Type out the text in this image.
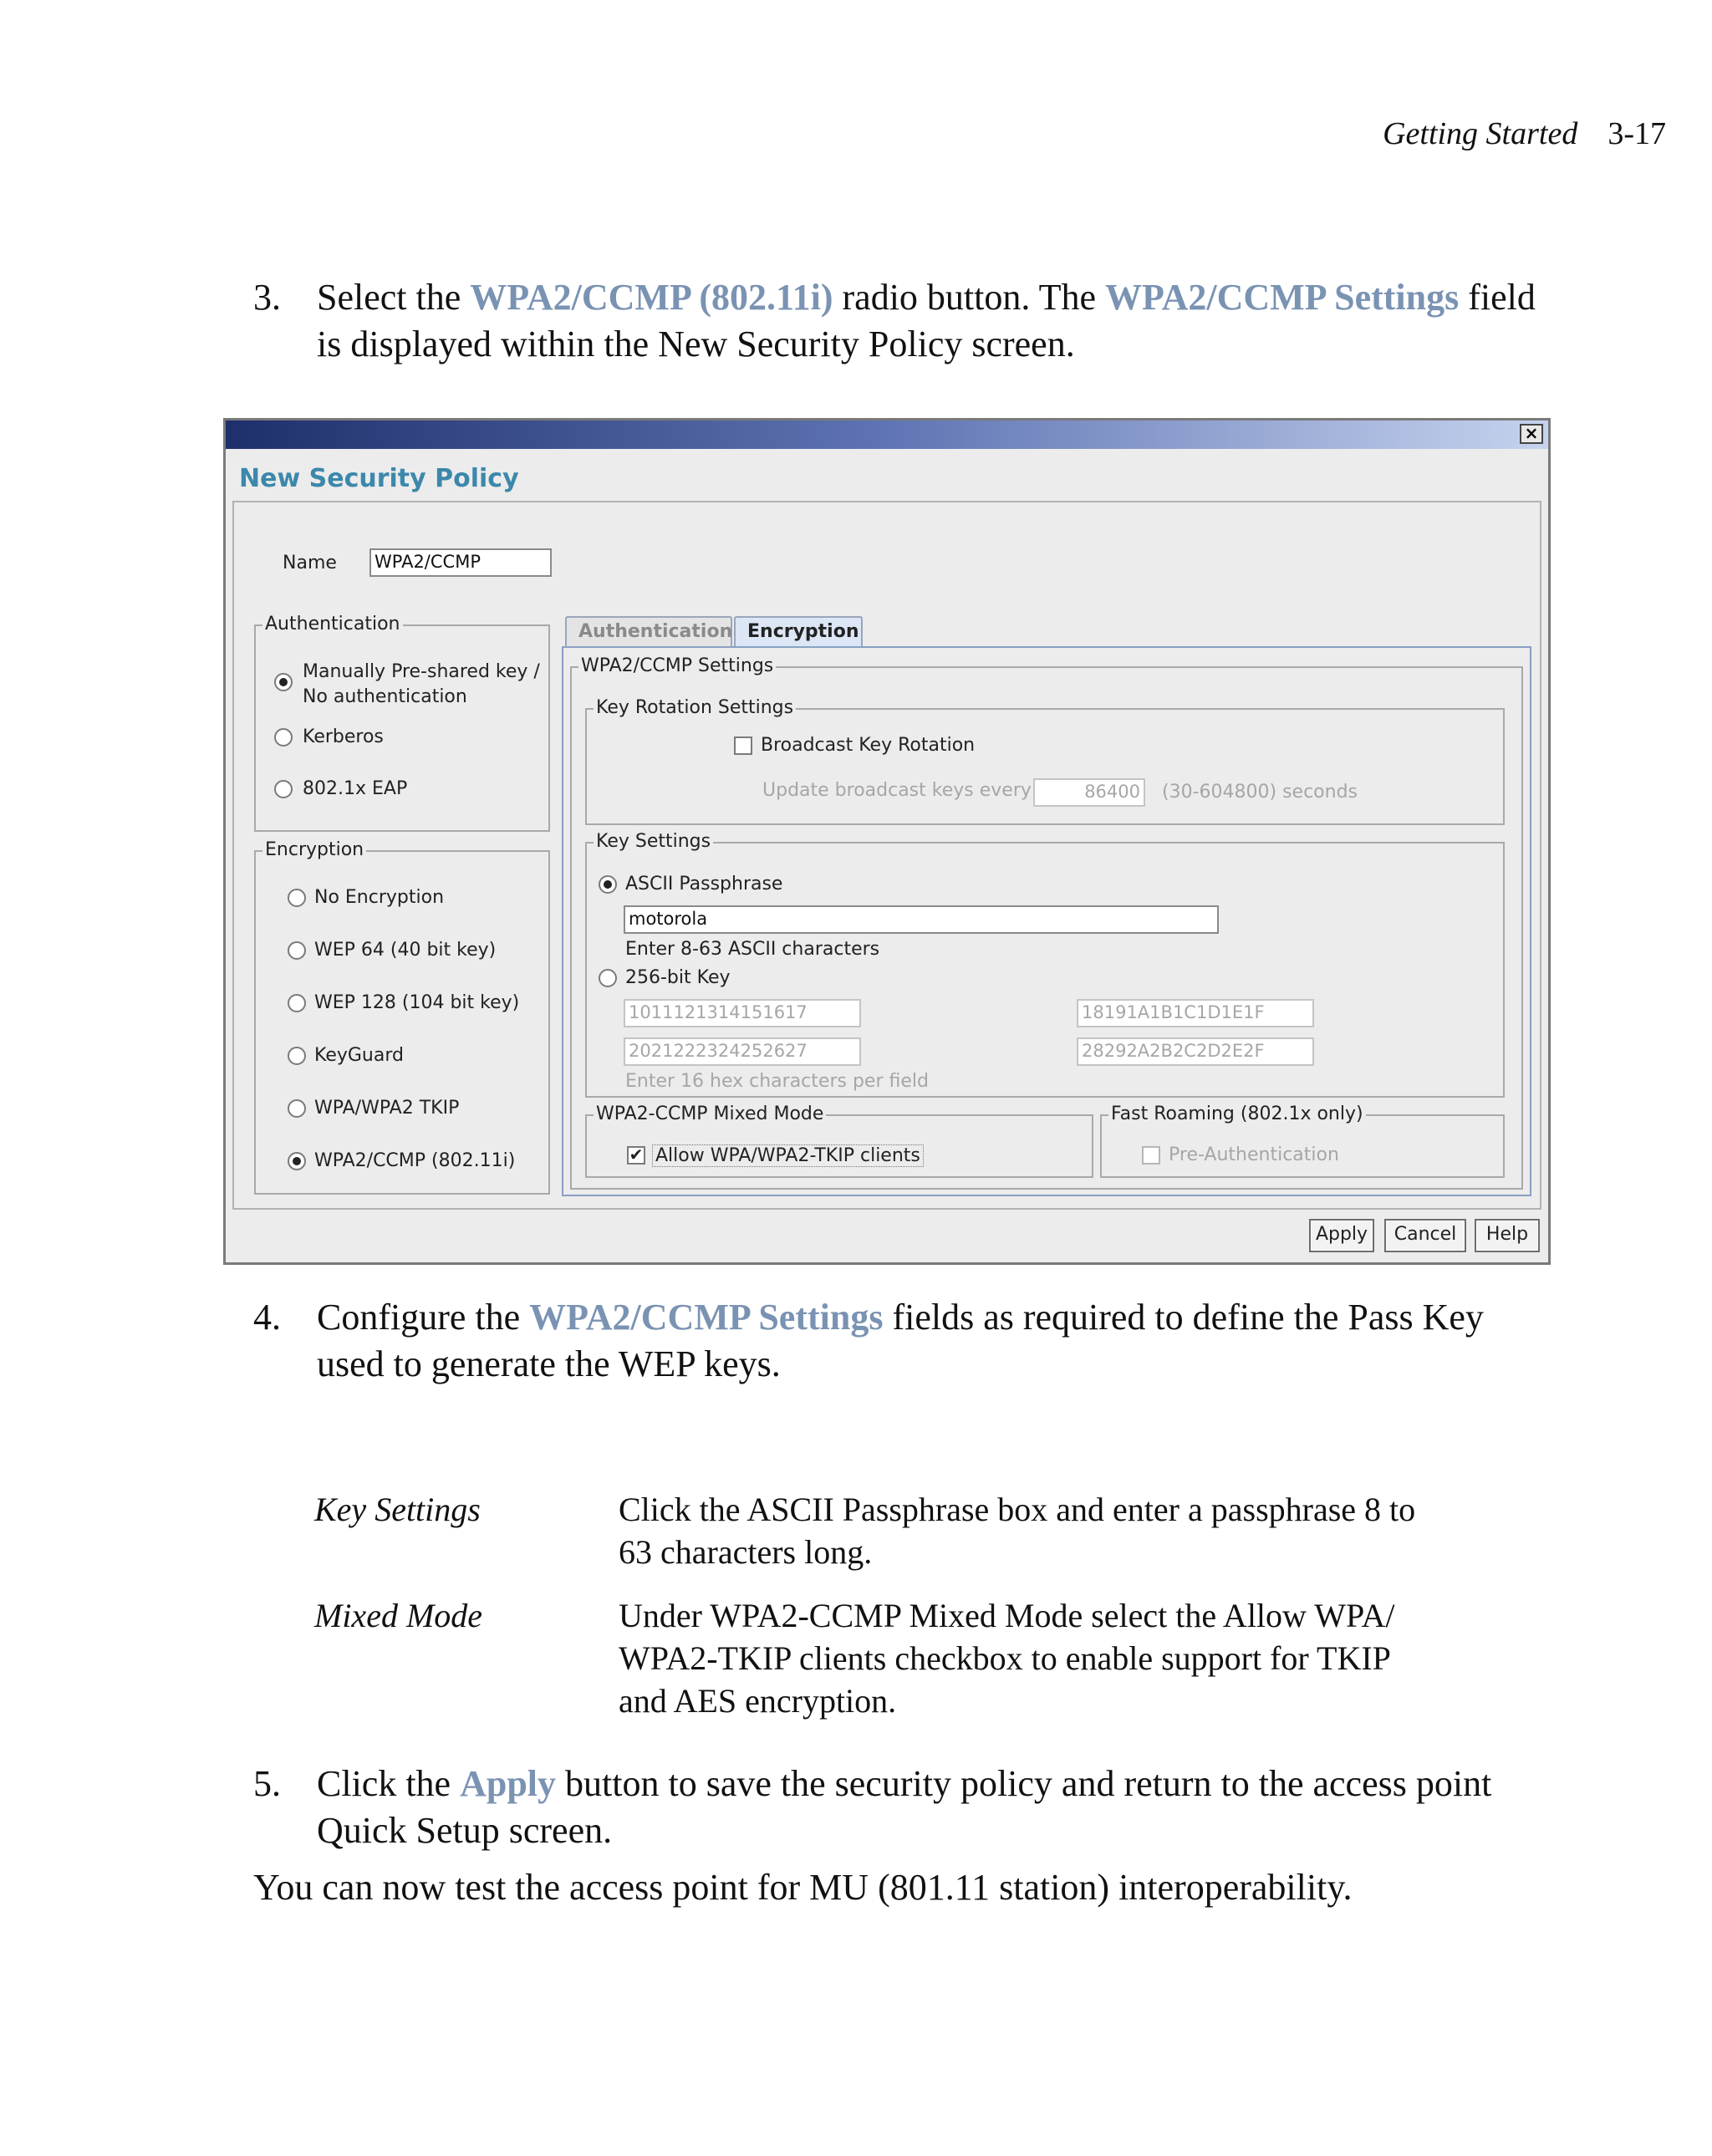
Getting Started 3-17
3. Select the WPA2/CCMP (802.11i) radio button. The WPA2/CCMP Settings field
is displayed within the New Security Policy screen.
×
New Security Policy
Name WPA2/CCMP
Authentication
Manually Pre-shared key /
No authentication
Kerberos
802.1x EAP
Encryption
No Encryption
WEP 64 (40 bit key)
WEP 128 (104 bit key)
KeyGuard
WPA/WPA2 TKIP
WPA2/CCMP (802.11i)
Authentication Encryption
WPA2/CCMP Settings
Key Rotation Settings
Broadcast Key Rotation
Update broadcast keys every	86400 (30-604800) seconds
Key Settings
ASCII Passphrase
motorola
Enter 8-63 ASCII characters
256-bit Key
1011121314151617	18191A1B1C1D1E1F
2021222324252627	28292A2B2C2D2E2F
Enter 16 hex characters per field
WPA2-CCMP Mixed Mode
✔ Allow WPA/WPA2-TKIP clients
Fast Roaming (802.1x only)
Pre-Authentication
Apply	Cancel	Help
4. Configure the WPA2/CCMP Settings fields as required to define the Pass Key
used to generate the WEP keys.
Key Settings	Click the ASCII Passphrase box and enter a passphrase 8 to
63 characters long.
Mixed Mode	Under WPA2-CCMP Mixed Mode select the Allow WPA/
WPA2-TKIP clients checkbox to enable support for TKIP
and AES encryption.
5. Click the Apply button to save the security policy and return to the access point
Quick Setup screen.
You can now test the access point for MU (801.11 station) interoperability.
